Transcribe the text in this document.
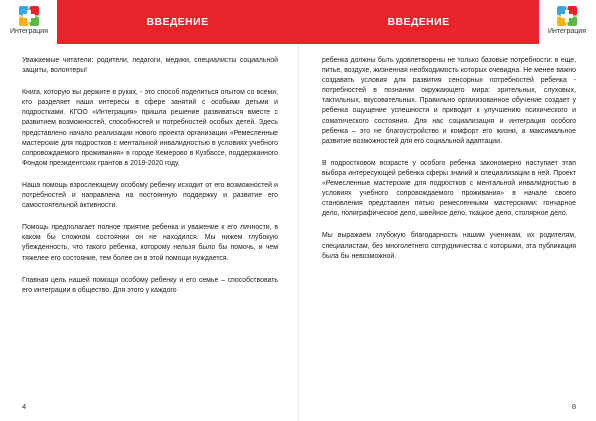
Интеграция
ВВЕДЕНИЕ

Уважаемые читатели: родители, педагоги, медики, специалисты социальной защиты, волонтеры!

Книга, которую вы держите в руках, - это способ поделиться опытом со всеми, кто разделяет наши интересы в сфере занятий с особыми детьми и подростками. КГОО «Интеграция» пришла решение развиваться вместе с развитием возможностей, способностей и потребностей особых детей. Здесь представлено начало реализации нового проекта организации «Ремесленные мастерские для подростков с ментальной инвалидностью в условиях учебного сопровождаемого проживания» в городе Кемерово в Кузбассе, поддержанного Фондом президентских грантов в 2019-2020 году.

Наша помощь взрослеющему особому ребенку исходит от его возможностей и потребностей и направлена на постоянную поддержку и развитие его самостоятельной активности.

Помощь предполагает полное приятие ребенка и уважение к его личности, в каком бы сложном состоянии он не находился. Мы нижем глубокую убежденность, что такого ребенка, которому нельзя было бы помочь, и чем тяжелее его состояние, тем более он в этой помощи нуждается.

Главная цель нашей помощи особому ребенку и его семье – способствовать его интеграции в общество. Для этого у каждого

4
ВВЕДЕНИЕ
Интеграция

ребенка должны быть удовлетворены не только базовые потребности: в еще, питье, воздухе, жизненная необходимость которых очевидна. Не менее важно создавать условия для развития сенсорных потребностей ребенка - потребностей в познании окружающего мира: зрительных, слуховых, тактильных, вкусовательных. Правильно организованное обучение создает у ребенка ощущение успешности и приводит к улучшению психического и соматического состояния. Для нас социализация и интеграция особого ребенка – это не благоустройство и комфорт его жизни, а максимальное развитие возможностей для его социальной адаптации.

В подростковом возрасте у особого ребенка закономерно наступает этап выбора интересующей ребенка сферы знаний и специализации в ней. Проект «Ремесленные мастерские для подростков с ментальной инвалидностью в условиях учебного сопровождаемого проживания» в начале своего становления представлен пятью ремесленными мастерскими: гончарное дело, полиграфическое дело, швейное дело, ткацкое дело, столярное дело.

Мы выражаем глубокую благодарность нашим ученикам, их родителям, специалистам, без многолетнего сотрудничества с которыми, эта публикация была бы невозможной.

8
